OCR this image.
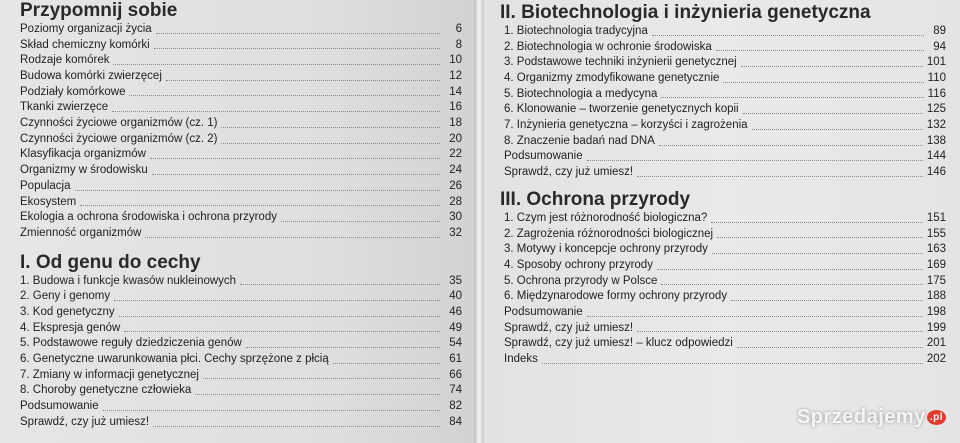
Przypomnij sobie
Poziomy organizacji życia	6
Skład chemiczny komórki	8
Rodzaje komórek	10
Budowa komórki zwierzęcej	12
Podziały komórkowe	14
Tkanki zwierzęce	16
Czynności życiowe organizmów (cz. 1)	18
Czynności życiowe organizmów (cz. 2)	20
Klasyfikacja organizmów	22
Organizmy w środowisku	24
Populacja	26
Ekosystem	28
Ekologia a ochrona środowiska i ochrona przyrody	30
Zmienność organizmów	32
I. Od genu do cechy
1. Budowa i funkcje kwasów nukleinowych	35
2. Geny i genomy	40
3. Kod genetyczny	46
4. Ekspresja genów	49
5. Podstawowe reguły dziedziczenia genów	54
6. Genetyczne uwarunkowania płci. Cechy sprzężone z płcią	61
7. Zmiany w informacji genetycznej	66
8. Choroby genetyczne człowieka	74
Podsumowanie	82
Sprawdź, czy już umiesz!	84
II. Biotechnologia i inżynieria genetyczna
1. Biotechnologia tradycyjna	89
2. Biotechnologia w ochronie środowiska	94
3. Podstawowe techniki inżynierii genetycznej	101
4. Organizmy zmodyfikowane genetycznie	110
5. Biotechnologia a medycyna	116
6. Klonowanie – tworzenie genetycznych kopii	125
7. Inżynieria genetyczna – korzyści i zagrożenia	132
8. Znaczenie badań nad DNA	138
Podsumowanie	144
Sprawdź, czy już umiesz!	146
III. Ochrona przyrody
1. Czym jest różnorodność biologiczna?	151
2. Zagrożenia różnorodności biologicznej	155
3. Motywy i koncepcje ochrony przyrody	163
4. Sposoby ochrony przyrody	169
5. Ochrona przyrody w Polsce	175
6. Międzynarodowe formy ochrony przyrody	188
Podsumowanie	198
Sprawdź, czy już umiesz!	199
Sprawdź, czy już umiesz! – klucz odpowiedzi	201
Indeks	202
Sprzedajemy .pl
